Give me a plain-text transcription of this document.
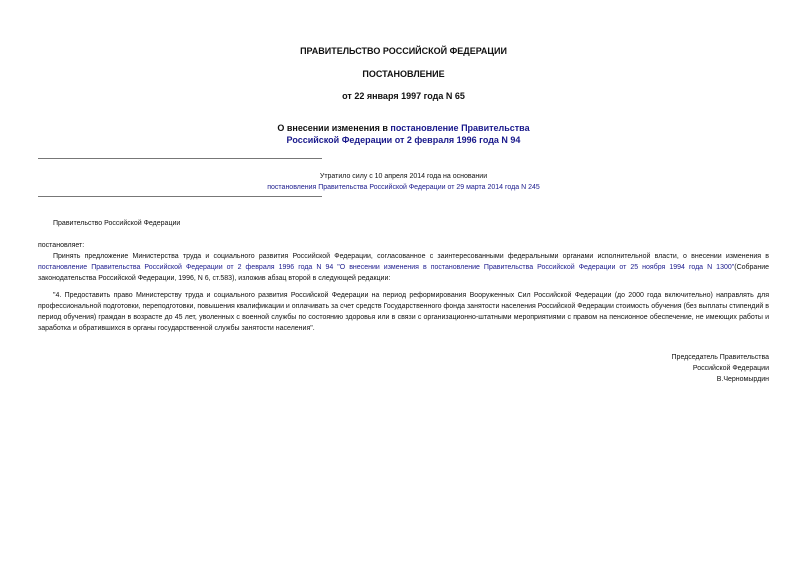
ПРАВИТЕЛЬСТВО РОССИЙСКОЙ ФЕДЕРАЦИИ
ПОСТАНОВЛЕНИЕ
от 22 января 1997 года N 65
О внесении изменения в постановление Правительства
Российской Федерации от 2 февраля 1996 года N 94
Утратило силу с 10 апреля 2014 года на основании
постановления Правительства Российской Федерации от 29 марта 2014 года N 245
Правительство Российской Федерации
постановляет:
Принять предложение Министерства труда и социального развития Российской Федерации, согласованное с заинтересованными федеральными органами исполнительной власти, о внесении изменения в постановление Правительства Российской Федерации от 2 февраля 1996 года N 94 "О внесении изменения в постановление Правительства Российской Федерации от 25 ноября 1994 года N 1300"(Собрание законодательства Российской Федерации, 1996, N 6, ст.583), изложив абзац второй в следующей редакции:
"4. Предоставить право Министерству труда и социального развития Российской Федерации на период реформирования Вооруженных Сил Российской Федерации (до 2000 года включительно) направлять для профессиональной подготовки, переподготовки, повышения квалификации и оплачивать за счет средств Государственного фонда занятости населения Российской Федерации стоимость обучения (без выплаты стипендий в период обучения) граждан в возрасте до 45 лет, уволенных с военной службы по состоянию здоровья или в связи с организационно-штатными мероприятиями с правом на пенсионное обеспечение, не имеющих работы и заработка и обратившихся в органы государственной службы занятости населения".
Председатель Правительства
Российской Федерации
В.Черномырдин
